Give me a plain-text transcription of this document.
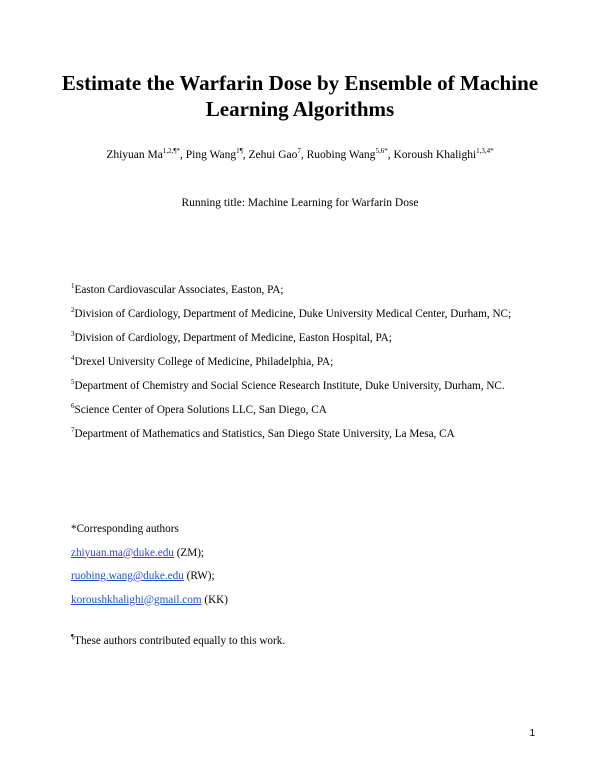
Estimate the Warfarin Dose by Ensemble of Machine
Learning Algorithms
Zhiyuan $Ma^{1,2,\P*}$, Ping Wang$^{1\P}$, Zehui Gao$^7$, Ruobing Wang$^{5,6*}$, Koroush Khalighi$^{1,3,4*}$
Running title: Machine Learning for Warfarin Dose

$^1$Easton Cardiovascular Associates, Easton, PA;

$^2$Division of Cardiology, Department of Medicine, Duke University Medical Center, Durham, NC;

$^3$Division of Cardiology, Department of Medicine, Easton Hospital, PA;

$^4$Drexel University College of Medicine, Philadelphia, PA;

$^5$Department of Chemistry and Social Science Research Institute, Duke University, Durham, NC.

$^6$Science Center of Opera Solutions LLC, San Diego, CA

$^7$Department of Mathematics and Statistics, San Diego State University, La Mesa, CA

*Corresponding authors
zhiyuan.ma@duke.edu (ZM);
ruobing.wang@duke.edu (RW);
koroushkhalighi@gmail.com (KK)
¶These authors contributed equally to this work.
1
